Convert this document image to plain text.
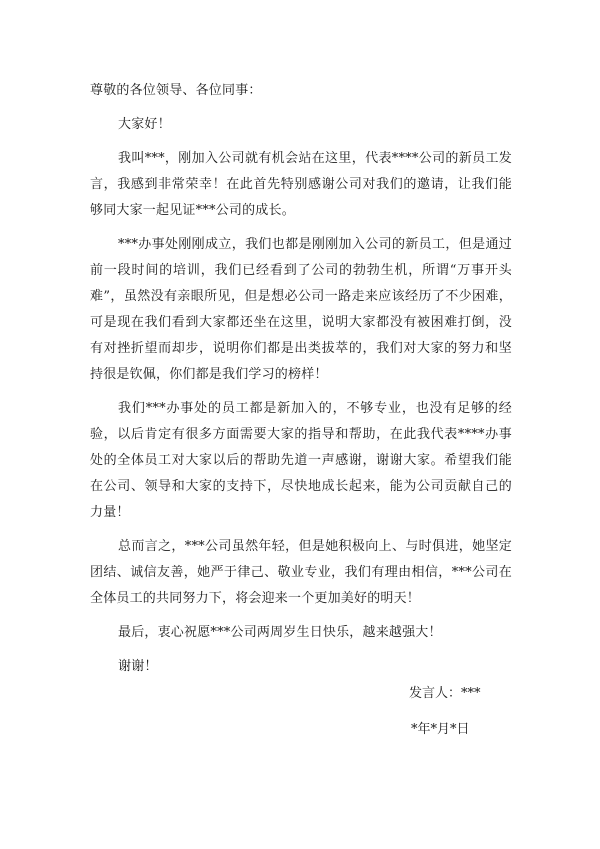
尊敬的各位领导、各位同事：

大家好！

我叫***，刚加入公司就有机会站在这里，代表****公司的新员工发言，我感到非常荣幸！在此首先特别感谢公司对我们的邀请，让我们能够同大家一起见证***公司的成长。

***办事处刚刚成立，我们也都是刚刚加入公司的新员工，但是通过前一段时间的培训，我们已经看到了公司的勃勃生机，所谓“万事开头难”，虽然没有亲眼所见，但是想必公司一路走来应该经历了不少困难，可是现在我们看到大家都还坐在这里，说明大家都没有被困难打倒，没有对挫折望而却步，说明你们都是出类拔萃的，我们对大家的努力和坚持很是钦佩，你们都是我们学习的榜样！

我们***办事处的员工都是新加入的，不够专业，也没有足够的经验，以后肯定有很多方面需要大家的指导和帮助，在此我代表****办事处的全体员工对大家以后的帮助先道一声感谢，谢谢大家。希望我们能在公司、领导和大家的支持下，尽快地成长起来，能为公司贡献自己的力量！

总而言之，***公司虽然年轻，但是她积极向上、与时俱进，她坚定团结、诚信友善，她严于律己、敬业专业，我们有理由相信，***公司在全体员工的共同努力下，将会迎来一个更加美好的明天！

最后，衷心祝愿***公司两周岁生日快乐，越来越强大！

谢谢！

发言人：***
*年*月*日
